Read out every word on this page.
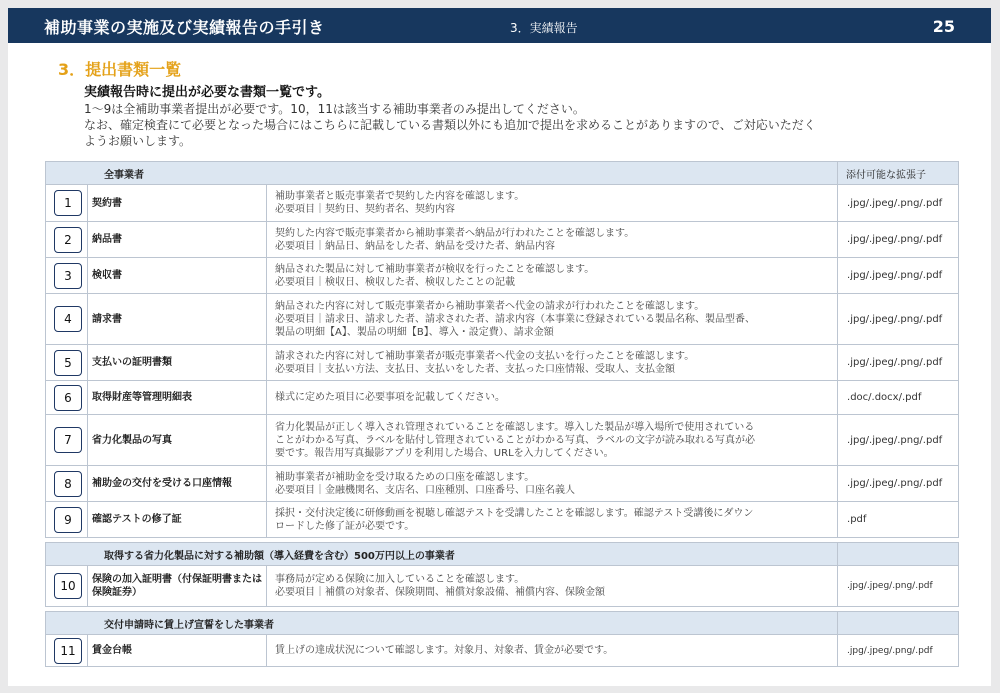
補助事業の実施及び実績報告の手引き	3．実績報告	25
3．提出書類一覧
実績報告時に提出が必要な書類一覧です。
1～9は全補助事業者提出が必要です。10，11は該当する補助事業者のみ提出してください。
なお、確定検査にて必要となった場合にはこちらに記載している書類以外にも追加で提出を求めることがありますので、ご対応いただく
ようお願いします。
全事業者			添付可能な拡張子

1	契約書	補助事業者と販売事業者で契約した内容を確認します。
必要項目｜契約日、契約者名、契約内容	.jpg/.jpeg/.png/.pdf

2	納品書	契約した内容で販売事業者から補助事業者へ納品が行われたことを確認します。
必要項目｜納品日、納品をした者、納品を受けた者、納品内容	.jpg/.jpeg/.png/.pdf

3	検収書	納品された製品に対して補助事業者が検収を行ったことを確認します。
必要項目｜検収日、検収した者、検収したことの記載	.jpg/.jpeg/.png/.pdf

4	請求書	納品された内容に対して販売事業者から補助事業者へ代金の請求が行われたことを確認します。
必要項目｜請求日、請求した者、請求された者、請求内容（本事業に登録されている製品名称、製品型番、
製品の明細【A】、製品の明細【B】、導入・設定費）、請求金額	.jpg/.jpeg/.png/.pdf

5	支払いの証明書類	請求された内容に対して補助事業者が販売事業者へ代金の支払いを行ったことを確認します。
必要項目｜支払い方法、支払日、支払いをした者、支払った口座情報、受取人、支払金額	.jpg/.jpeg/.png/.pdf

6	取得財産等管理明細表	様式に定めた項目に必要事項を記載してください。	.doc/.docx/.pdf

7	省力化製品の写真	省力化製品が正しく導入され管理されていることを確認します。導入した製品が導入場所で使用されている
ことがわかる写真、ラベルを貼付し管理されていることがわかる写真、ラベルの文字が読み取れる写真が必
要です。報告用写真撮影アプリを利用した場合、URLを入力してください。	.jpg/.jpeg/.png/.pdf

8	補助金の交付を受ける口座情報	補助事業者が補助金を受け取るための口座を確認します。
必要項目｜金融機関名、支店名、口座種別、口座番号、口座名義人	.jpg/.jpeg/.png/.pdf

9	確認テストの修了証	採択・交付決定後に研修動画を視聴し確認テストを受講したことを確認します。確認テスト受講後にダウン
ロードした修了証が必要です。	.pdf

取得する省力化製品に対する補助額（導入経費を含む）500万円以上の事業者			

10	保険の加入証明書（付保証明書または保険証券）	事務局が定める保険に加入していることを確認します。
必要項目｜補償の対象者、保険期間、補償対象設備、補償内容、保険金額	.jpg/.jpeg/.png/.pdf

交付申請時に賃上げ宣誓をした事業者			

11	賃金台帳	賃上げの達成状況について確認します。対象月、対象者、賃金が必要です。	.jpg/.jpeg/.png/.pdf
